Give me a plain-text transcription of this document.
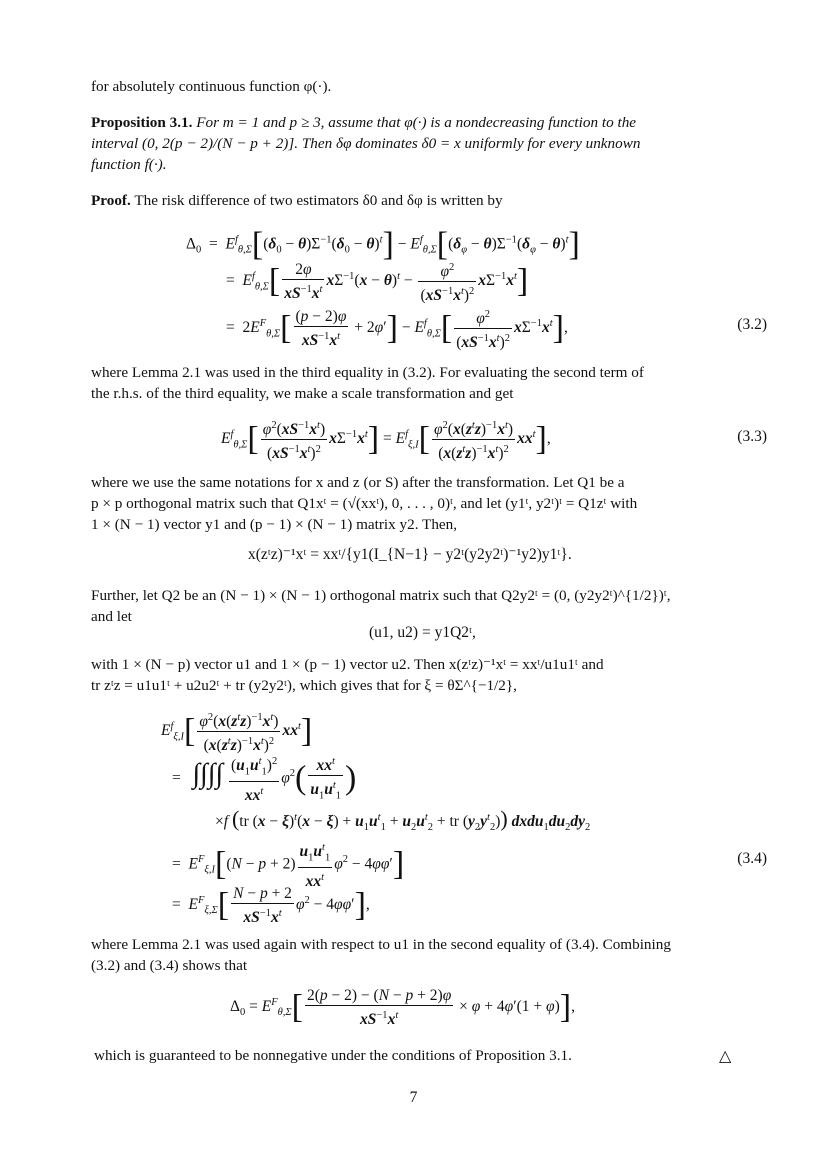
for absolutely continuous function φ(·).
Proposition 3.1. For m = 1 and p ≥ 3, assume that φ(·) is a nondecreasing function to the
interval (0, 2(p − 2)/(N − p + 2)]. Then δφ dominates δ0 = x uniformly for every unknown
function f(·).
Proof. The risk difference of two estimators δ0 and δφ is written by
$\Delta_0 = E^f_{\theta,\Sigma}[(\delta_0 - \theta)\Sigma^{-1}(\delta_0 - \theta)^t] - E^f_{\theta,\Sigma}[(\delta_\varphi - \theta)\Sigma^{-1}(\delta_\varphi - \theta)^t]$
=  $E^f_{\theta,\Sigma}[ \frac{2\varphi}{xS^{-1}x^t} x\Sigma^{-1}(x - \theta)^t - \frac{\varphi^2}{(xS^{-1}x^t)^2} x\Sigma^{-1}x^t]$
=  $2E^F_{\theta,\Sigma}[ \frac{(p - 2)\varphi}{xS^{-1}x^t} + 2\varphi'] - E^f_{\theta,\Sigma}[ \frac{\varphi^2}{(xS^{-1}x^t)^2} x\Sigma^{-1}x^t]$,	(3.2)
where Lemma 2.1 was used in the third equality in (3.2). For evaluating the second term of
the r.h.s. of the third equality, we make a scale transformation and get
$E^f_{\theta,\Sigma}[ \frac{\varphi^2(xS^{-1}x^t)}{(xS^{-1}x^t)^2} x\Sigma^{-1}x^t] = E^f_{\xi,I}[ \frac{\varphi^2(x(z^tz)^{-1}x^t)}{(x(z^tz)^{-1}x^t)^2} xx^t]$,	(3.3)
where we use the same notations for x and z (or S) after the transformation. Let Q1 be a
p × p orthogonal matrix such that Q1xᵗ = (√(xxᵗ), 0, . . . , 0)ᵗ, and let (y1ᵗ, y2ᵗ)ᵗ = Q1zᵗ with
1 × (N − 1) vector y1 and (p − 1) × (N − 1) matrix y2. Then,
x(zᵗz)⁻¹xᵗ = xxᵗ/{y1(I_{N−1} − y2ᵗ(y2y2ᵗ)⁻¹y2)y1ᵗ}.
Further, let Q2 be an (N − 1) × (N − 1) orthogonal matrix such that Q2y2ᵗ = (0, (y2y2ᵗ)^{1/2})ᵗ,
and let
(u1, u2) = y1Q2ᵗ,
with 1 × (N − p) vector u1 and 1 × (p − 1) vector u2. Then x(zᵗz)⁻¹xᵗ = xxᵗ/u1u1ᵗ and
tr zᵗz = u1u1ᵗ + u2u2ᵗ + tr (y2y2ᵗ), which gives that for ξ = θΣ^{−1/2},
$E^f_{\xi,I}[ \frac{\varphi^2(x(z^tz)^{-1}x^t)}{(x(z^tz)^{-1}x^t)^2} xx^t]$
=   ∫∫∫∫ $\frac{(u_1u^t_1)^2}{xx^t} \varphi^2( \frac{xx^t}{u_1u^t_1}$ )
×f (tr $(x - \xi)^t(x - \xi) + u_1u^t_1 + u_2u^t_2$ + tr $(y_2y^t_2)$) $dxdu_1du_2dy_2$
=  $E^F_{\xi,I}[(N - p + 2) \frac{u_1u^t_1}{xx^t} \varphi^2 - 4\varphi\varphi']$	(3.4)
=  $E^F_{\xi,\Sigma}[ \frac{N - p + 2}{xS^{-1}x^t} \varphi^2 - 4\varphi\varphi']$,
where Lemma 2.1 was used again with respect to u1 in the second equality of (3.4). Combining
(3.2) and (3.4) shows that
$\Delta_0 = E^F_{\theta,\Sigma}[ \frac{2(p - 2) - (N - p + 2)\varphi}{xS^{-1}x^t} \times \varphi + 4\varphi'(1 + \varphi)]$,
which is guaranteed to be nonnegative under the conditions of Proposition 3.1.	△
7
